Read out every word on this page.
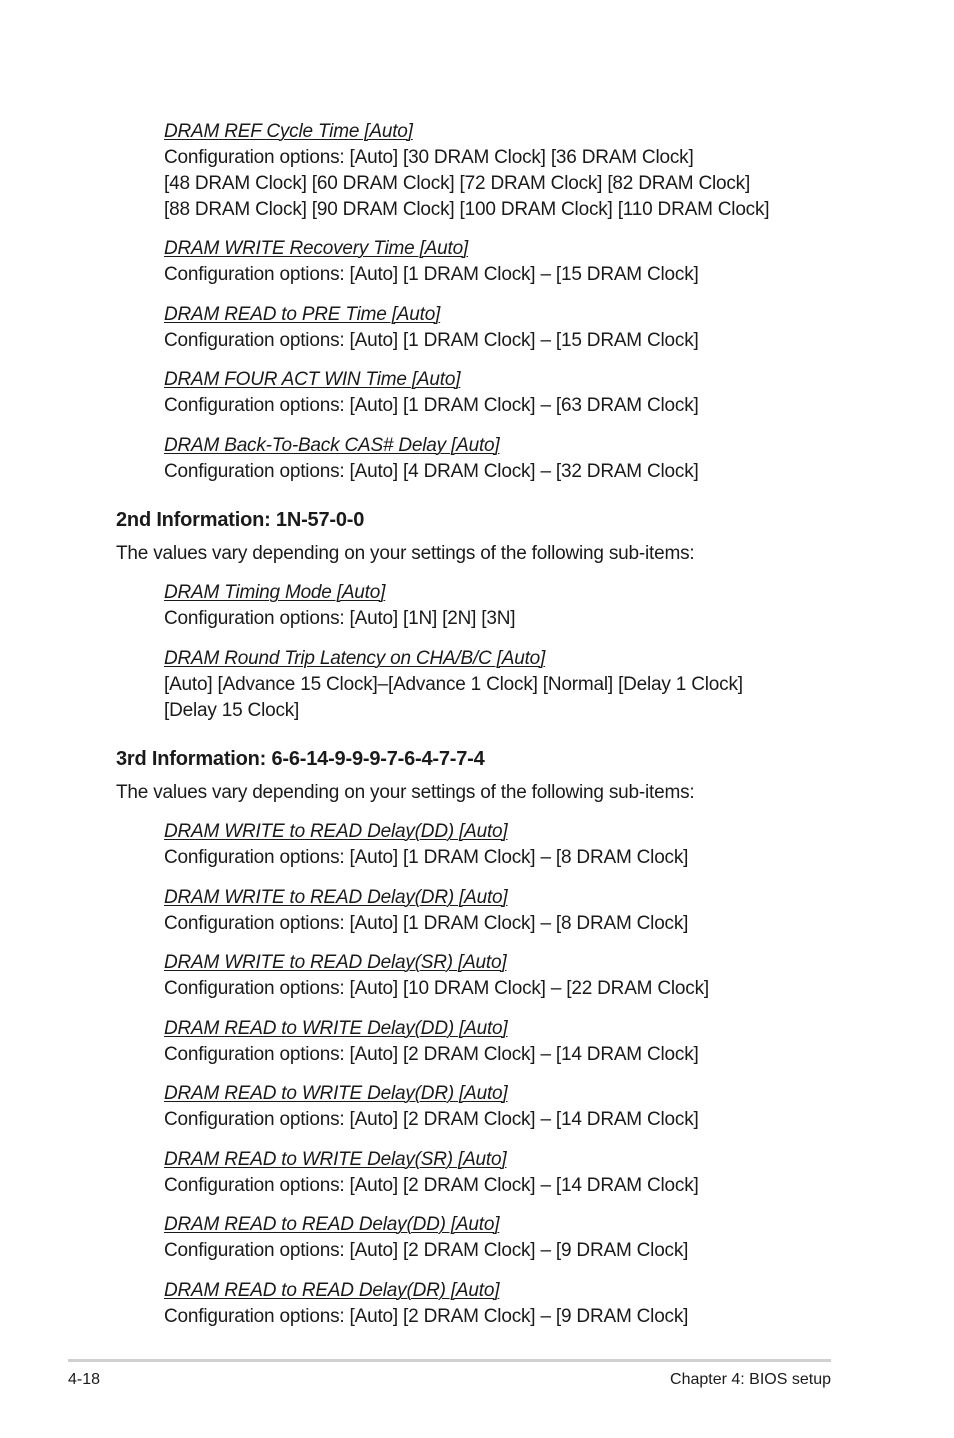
DRAM REF Cycle Time [Auto]
Configuration options: [Auto] [30 DRAM Clock] [36 DRAM Clock]
[48 DRAM Clock] [60 DRAM Clock] [72 DRAM Clock] [82 DRAM Clock]
[88 DRAM Clock] [90 DRAM Clock] [100 DRAM Clock] [110 DRAM Clock]
DRAM WRITE Recovery Time [Auto]
Configuration options: [Auto] [1 DRAM Clock] – [15 DRAM Clock]
DRAM READ to PRE Time [Auto]
Configuration options: [Auto] [1 DRAM Clock] – [15 DRAM Clock]
DRAM FOUR ACT WIN Time [Auto]
Configuration options: [Auto] [1 DRAM Clock] – [63 DRAM Clock]
DRAM Back-To-Back CAS# Delay [Auto]
Configuration options: [Auto] [4 DRAM Clock] – [32 DRAM Clock]
2nd Information: 1N-57-0-0
The values vary depending on your settings of the following sub-items:
DRAM Timing Mode [Auto]
Configuration options: [Auto] [1N] [2N] [3N]
DRAM Round Trip Latency on CHA/B/C [Auto]
[Auto] [Advance 15 Clock]–[Advance 1 Clock] [Normal] [Delay 1 Clock]
[Delay 15 Clock]
3rd Information: 6-6-14-9-9-9-7-6-4-7-7-4
The values vary depending on your settings of the following sub-items:
DRAM WRITE to READ Delay(DD) [Auto]
Configuration options: [Auto] [1 DRAM Clock] – [8 DRAM Clock]
DRAM WRITE to READ Delay(DR) [Auto]
Configuration options: [Auto] [1 DRAM Clock] – [8 DRAM Clock]
DRAM WRITE to READ Delay(SR) [Auto]
Configuration options: [Auto] [10 DRAM Clock] – [22 DRAM Clock]
DRAM READ to WRITE Delay(DD) [Auto]
Configuration options: [Auto] [2 DRAM Clock] – [14 DRAM Clock]
DRAM READ to WRITE Delay(DR) [Auto]
Configuration options: [Auto] [2 DRAM Clock] – [14 DRAM Clock]
DRAM READ to WRITE Delay(SR) [Auto]
Configuration options: [Auto] [2 DRAM Clock] – [14 DRAM Clock]
DRAM READ to READ Delay(DD) [Auto]
Configuration options: [Auto] [2 DRAM Clock] – [9 DRAM Clock]
DRAM READ to READ Delay(DR) [Auto]
Configuration options: [Auto] [2 DRAM Clock] – [9 DRAM Clock]
4-18	Chapter 4: BIOS setup
